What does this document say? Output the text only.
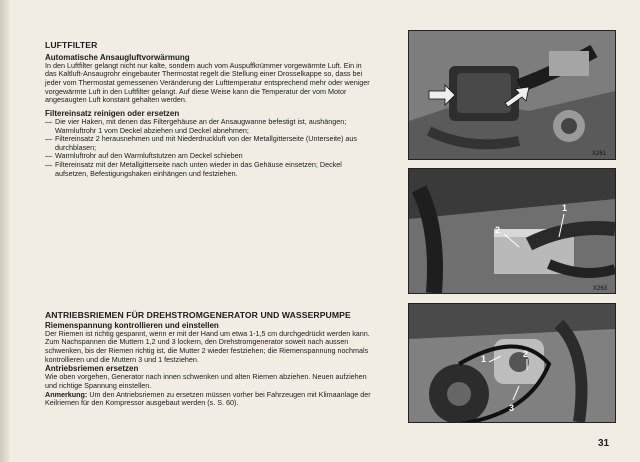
LUFTFILTER
Automatische Ansaugluftvorwärmung

In den Luftfilter gelangt nicht nur kalte, sondern auch vom Auspuffkrümmer vorgewärmte Luft. Ein in das Kaltluft-Ansaugrohr eingebauter Thermostat regelt die Stellung einer Drosselkappe so, dass bei jeder vom Thermostat gemessenen Veränderung der Lufttemperatur entsprechend mehr oder weniger vorgewärmte Luft in den Luftfilter gelangt. Auf diese Weise kann die Temperatur der vom Motor angesaugten Luft konstant gehalten werden.

Filtereinsatz reinigen oder ersetzen
— Die vier Haken, mit denen das Filtergehäuse an der Ansaugwanne befestigt ist, aushängen; Warmluftrohr 1 vom Deckel abziehen und Deckel abnehmen;
— Filtereinsatz 2 herausnehmen und mit Niederdruckluft von der Metallgitterseite (Unterseite) aus durchblasen;
— Warmluftrohr auf den Warmluftstutzen am Deckel schieben
— Filtereinsatz mit der Metallgitterseite nach unten wieder in das Gehäuse einsetzen; Deckel aufsetzen, Befestigungshaken einhängen und festziehen.
ANTRIEBSRIEMEN FÜR DREHSTROMGENERATOR UND WASSERPUMPE
Riemenspannung kontrollieren und einstellen

Der Riemen ist richtig gespannt, wenn er mit der Hand um etwa 1-1,5 cm durchgedrückt werden kann.

Zum Nachspannen die Muttern 1,2 und 3 lockern, den Drehstromgenerator soweit nach aussen schwenken, bis der Riemen richtig ist, die Mutter 2 wieder festziehen; die Riemenspannung nochmals kontrollieren und die Muttern 3 und 1 festziehen.

Antriebsriemen ersetzen

Wie oben vorgehen, Generator nach innen schwenken und alten Riemen abziehen. Neuen aufziehen und richtige Spannung einstellen.

Anmerkung: Um den Antriebsriemen zu ersetzen müssen vorher bei Fahrzeugen mit Klimaanlage der Keilriemen für den Kompressor ausgebaut werden (s. S. 60).

X261
1
2
X263
1	2
3
31
